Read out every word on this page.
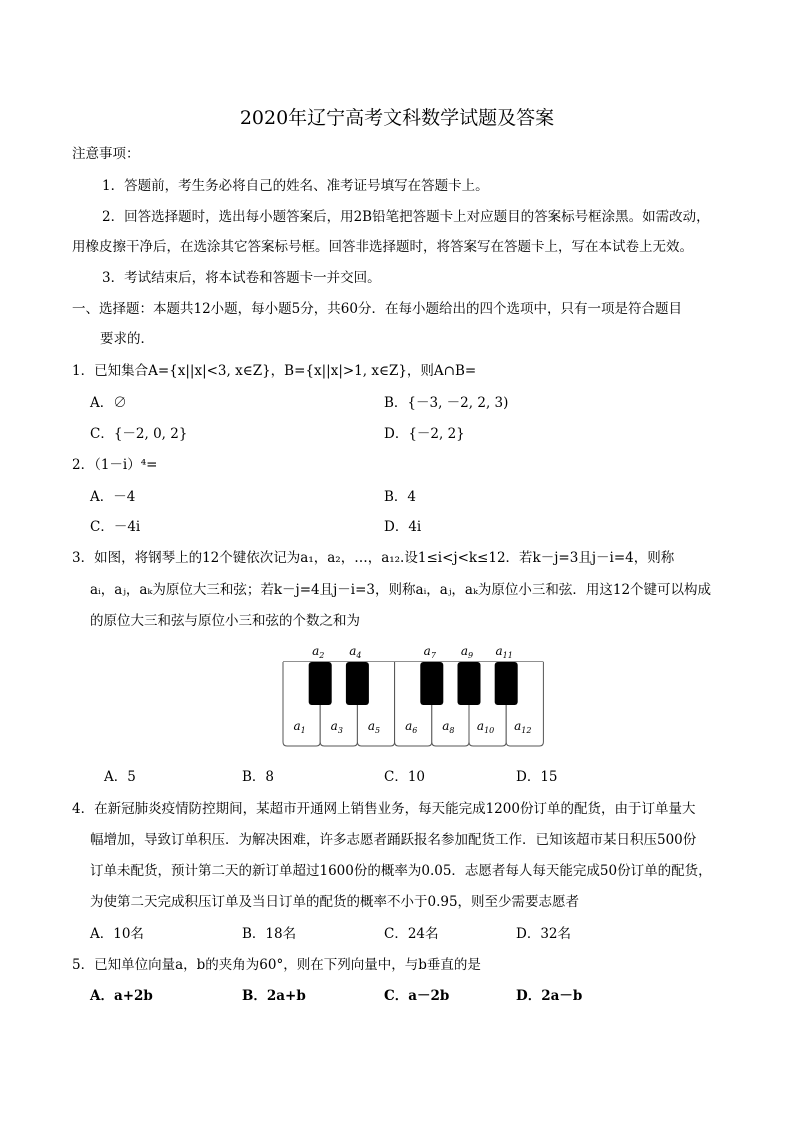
2020年辽宁高考文科数学试题及答案
注意事项：
1．答题前，考生务必将自己的姓名、准考证号填写在答题卡上。
2．回答选择题时，选出每小题答案后，用2B铅笔把答题卡上对应题目的答案标号框涂黑。如需改动，
用橡皮擦干净后，在选涂其它答案标号框。回答非选择题时，将答案写在答题卡上，写在本试卷上无效。
3．考试结束后，将本试卷和答题卡一并交回。
一、选择题：本题共12小题，每小题5分，共60分．在每小题给出的四个选项中，只有一项是符合题目
要求的．
1．已知集合A={x||x|<3, x∈Z}，B={x||x|>1, x∈Z}，则A∩B=
A．∅	B．{－3, －2, 2, 3)
C．{－2, 0, 2}	D．{－2, 2}
2．（1－i）⁴=
A．－4	B．4
C．－4i	D．4i
3．如图，将钢琴上的12个键依次记为a₁，a₂，…，a₁₂.设1≤i<j<k≤12．若k－j=3且j－i=4，则称
aᵢ，aⱼ，aₖ为原位大三和弦；若k－j=4且j－i=3，则称aᵢ，aⱼ，aₖ为原位小三和弦．用这12个键可以构成
的原位大三和弦与原位小三和弦的个数之和为
$a_1$ $a_3$ $a_5$ $a_6$ $a_8$ $a_{10}$ $a_{12}$
$a_2$ $a_4$	$a_7$ $a_9$ $a_{11}$
A．5	B．8	C．10	D．15
4．在新冠肺炎疫情防控期间，某超市开通网上销售业务，每天能完成1200份订单的配货，由于订单量大
幅增加，导致订单积压．为解决困难，许多志愿者踊跃报名参加配货工作．已知该超市某日积压500份
订单未配货，预计第二天的新订单超过1600份的概率为0.05．志愿者每人每天能完成50份订单的配货，
为使第二天完成积压订单及当日订单的配货的概率不小于0.95，则至少需要志愿者
A．10名	B．18名	C．24名	D．32名
5．已知单位向量a，b的夹角为60°，则在下列向量中，与b垂直的是
A．a+2b	B．2a+b	C．a－2b	D．2a－b
